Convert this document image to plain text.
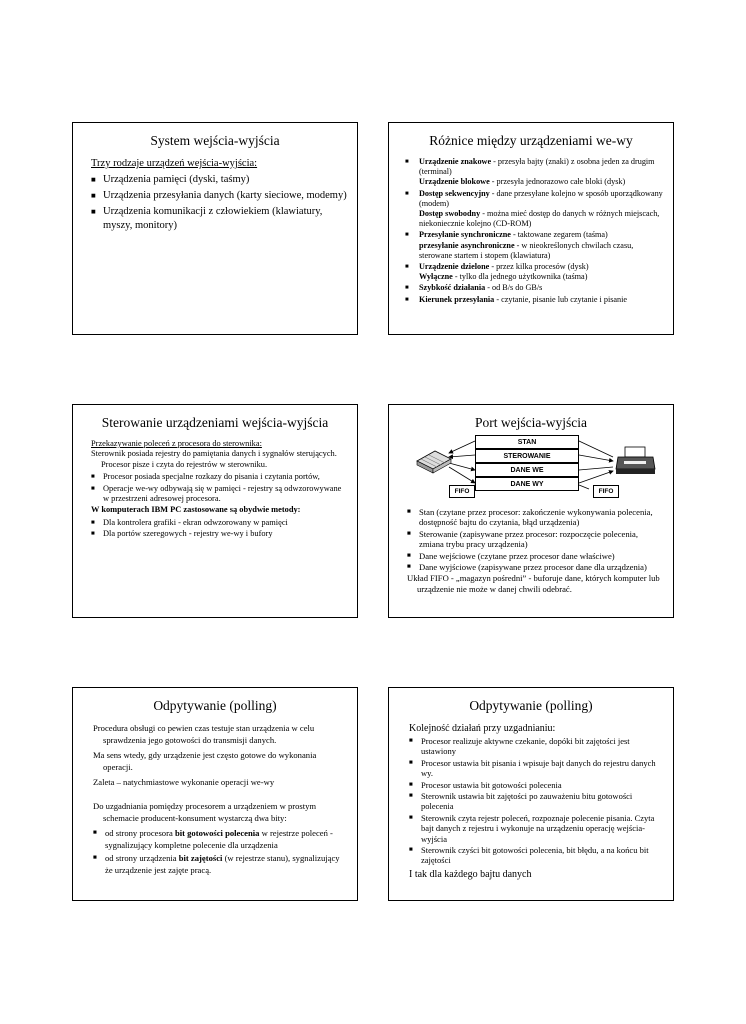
System wejścia-wyjścia
Trzy rodzaje urządzeń wejścia-wyjścia:
■ Urządzenia pamięci (dyski, taśmy)
■ Urządzenia przesyłania danych (karty sieciowe, modemy)
■ Urządzenia komunikacji z człowiekiem (klawiatury, myszy, monitory)
Różnice między urządzeniami we-wy
■ Urządzenie znakowe - przesyła bajty (znaki) z osobna jeden za drugim (terminal)
Urządzenie blokowe - przesyła jednorazowo całe bloki (dysk)
■ Dostęp sekwencyjny - dane przesyłane kolejno w sposób uporządkowany (modem)
Dostęp swobodny - można mieć dostęp do danych w różnych miejscach, niekoniecznie kolejno (CD-ROM)
■ Przesyłanie synchroniczne - taktowane zegarem (taśma)
przesyłanie asynchroniczne - w nieokreślonych chwilach czasu, sterowane startem i stopem (klawiatura)
■ Urządzenie dzielone - przez kilka procesów (dysk)
Wyłączne - tylko dla jednego użytkownika (taśma)
■ Szybkość działania - od B/s do GB/s
■ Kierunek przesyłania - czytanie, pisanie lub czytanie i pisanie
Sterowanie urządzeniami wejścia-wyjścia
Przekazywanie poleceń z procesora do sterownika:
Sterownik posiada rejestry do pamiętania danych i sygnałów sterujących. Procesor pisze i czyta do rejestrów w sterowniku.
■ Procesor posiada specjalne rozkazy do pisania i czytania portów,
■ Operacje we-wy odbywają się w pamięci - rejestry są odwzorowywane w przestrzeni adresowej procesora.
W komputerach IBM PC zastosowane są obydwie metody:
■ Dla kontrolera grafiki - ekran odwzorowany w pamięci
■ Dla portów szeregowych - rejestry we-wy i bufory
Port wejścia-wyjścia
STAN
STEROWANIE
DANE WE
DANE WY
FIFO	FIFO
■ Stan (czytane przez procesor: zakończenie wykonywania polecenia, dostępność bajtu do czytania, błąd urządzenia)
■ Sterowanie (zapisywane przez procesor: rozpoczęcie polecenia, zmiana trybu pracy urządzenia)
■ Dane wejściowe (czytane przez procesor dane właściwe)
■ Dane wyjściowe (zapisywane przez procesor dane dla urządzenia)
Układ FIFO - „magazyn pośredni” - buforuje dane, których komputer lub urządzenie nie może w danej chwili odebrać.
Odpytywanie (polling)
Procedura obsługi co pewien czas testuje stan urządzenia w celu sprawdzenia jego gotowości do transmisji danych.
Ma sens wtedy, gdy urządzenie jest często gotowe do wykonania operacji.
Zaleta – natychmiastowe wykonanie operacji we-wy
Do uzgadniania pomiędzy procesorem a urządzeniem w prostym schemacie producent-konsument wystarczą dwa bity:
■ od strony procesora bit gotowości polecenia w rejestrze poleceń - sygnalizujący kompletne polecenie dla urządzenia
■ od strony urządzenia bit zajętości (w rejestrze stanu), sygnalizujący że urządzenie jest zajęte pracą.
Odpytywanie (polling)
Kolejność działań przy uzgadnianiu:
■ Procesor realizuje aktywne czekanie, dopóki bit zajętości jest ustawiony
■ Procesor ustawia bit pisania i wpisuje bajt danych do rejestru danych wy.
■ Procesor ustawia bit gotowości polecenia
■ Sterownik ustawia bit zajętości po zauważeniu bitu gotowości polecenia
■ Sterownik czyta rejestr poleceń, rozpoznaje polecenie pisania. Czyta bajt danych z rejestru i wykonuje na urządzeniu operację wejścia-wyjścia
■ Sterownik czyści bit gotowości polecenia, bit błędu, a na końcu bit zajętości
I tak dla każdego bajtu danych
